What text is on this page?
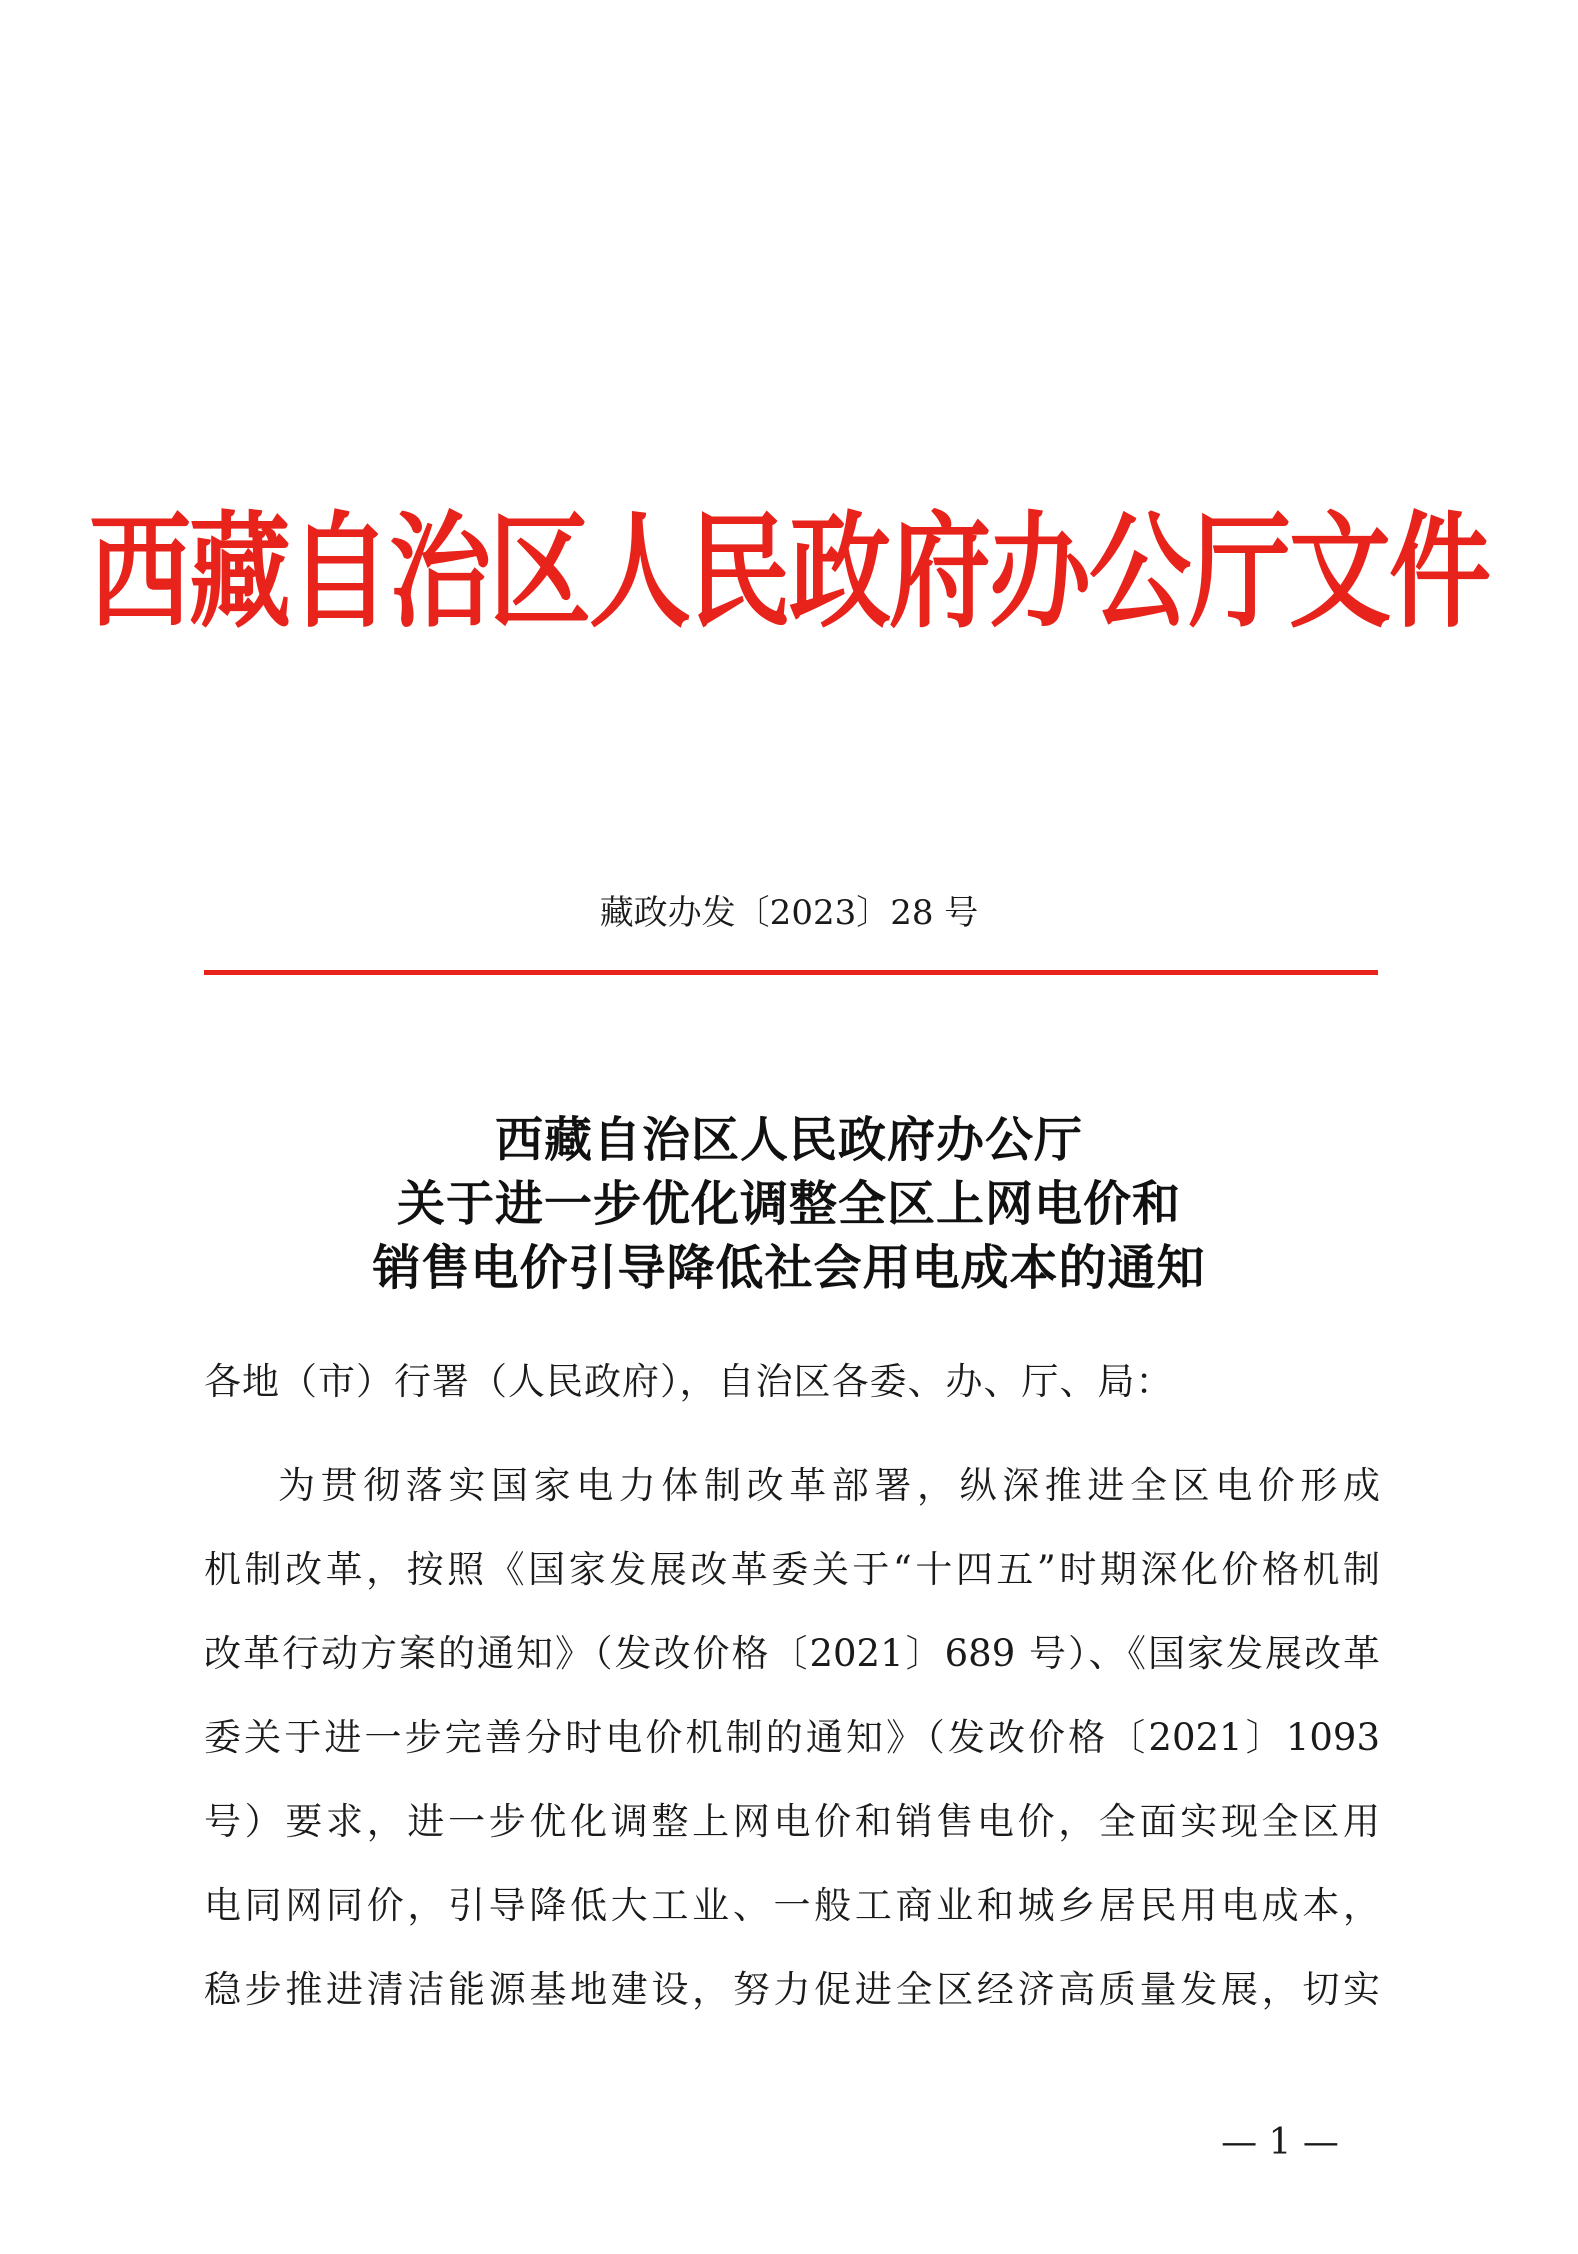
西藏自治区人民政府办公厅文件
藏政办发〔2023〕28 号
西藏自治区人民政府办公厅
关于进一步优化调整全区上网电价和
销售电价引导降低社会用电成本的通知
各地（市）行署（人民政府），自治区各委、办、厅、局：
为贯彻落实国家电力体制改革部署，纵深推进全区电价形成
机制改革，按照《国家发展改革委关于“十四五”时期深化价格机制
改革行动方案的通知》（发改价格〔2021〕689 号）、《国家发展改革
委关于进一步完善分时电价机制的通知》（发改价格〔2021〕1093
号）要求，进一步优化调整上网电价和销售电价，全面实现全区用
电同网同价，引导降低大工业、一般工商业和城乡居民用电成本，
稳步推进清洁能源基地建设，努力促进全区经济高质量发展，切实
— 1 —
